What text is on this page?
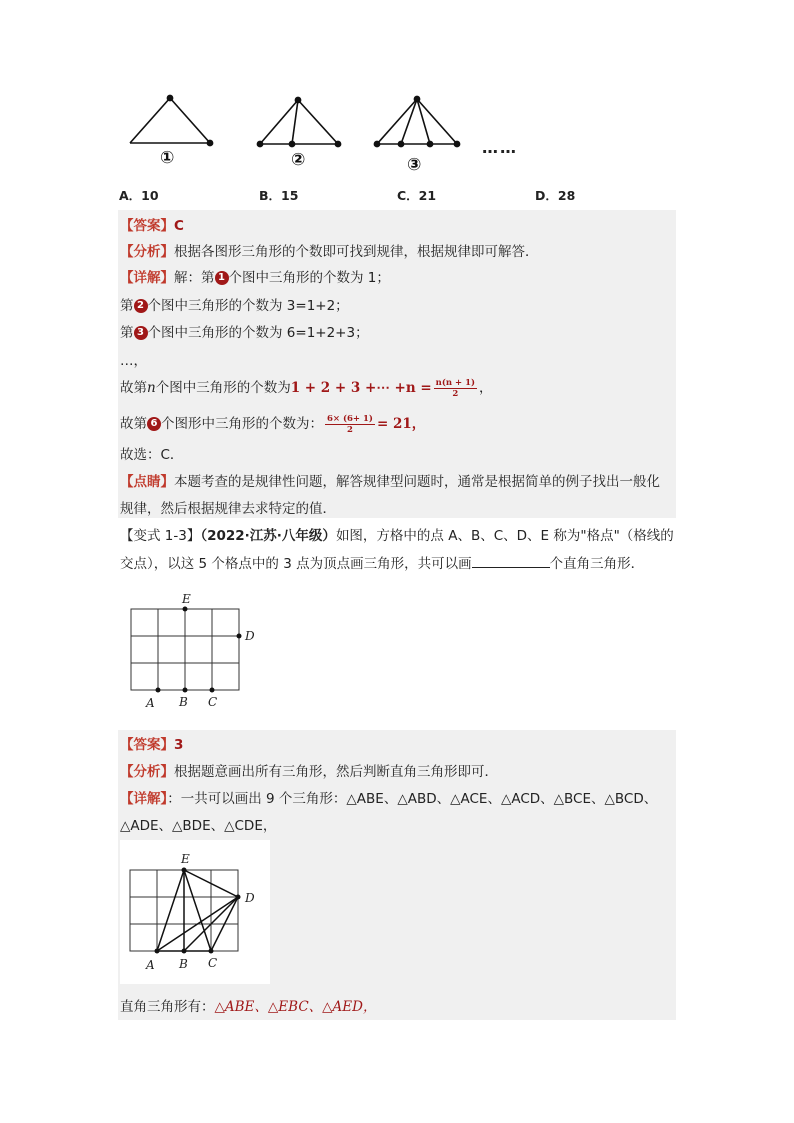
①	②	③
……
A．10	B．15	C．21	D．28
【答案】C
【分析】根据各图形三角形的个数即可找到规律，根据规律即可解答．
【详解】解：第 1 个图中三角形的个数为 1；
第 2 个图中三角形的个数为 3=1+2；
第 3 个图中三角形的个数为 6=1+2+3；
…，
故第n个图中三角形的个数为1 + 2 + 3 +⋯ $+n = \frac{n(n + 1)}{2}$ ，
故第 6 个图形中三角形的个数为： $\frac{6\times (6+ 1)}{2} = 21$，
故选：C．
【点睛】本题考查的是规律性问题，解答规律型问题时，通常是根据简单的例子找出一般化
规律，然后根据规律去求特定的值．
【变式 1-3】（2022·江苏·八年级）如图，方格中的点 A、B、C、D、E 称为"格点"（格线的
交点），以这 5 个格点中的 3 点为顶点画三角形，共可以画	个直角三角形．
E
D
A B C
【答案】3
【分析】根据题意画出所有三角形，然后判断直角三角形即可．
【详解】：一共可以画出 9 个三角形：△ABE、△ABD、△ACE、△ACD、△BCE、△BCD、
△ADE、△BDE、△CDE，
E
D
A B C
直角三角形有：△ABE、△EBC、△AED，
